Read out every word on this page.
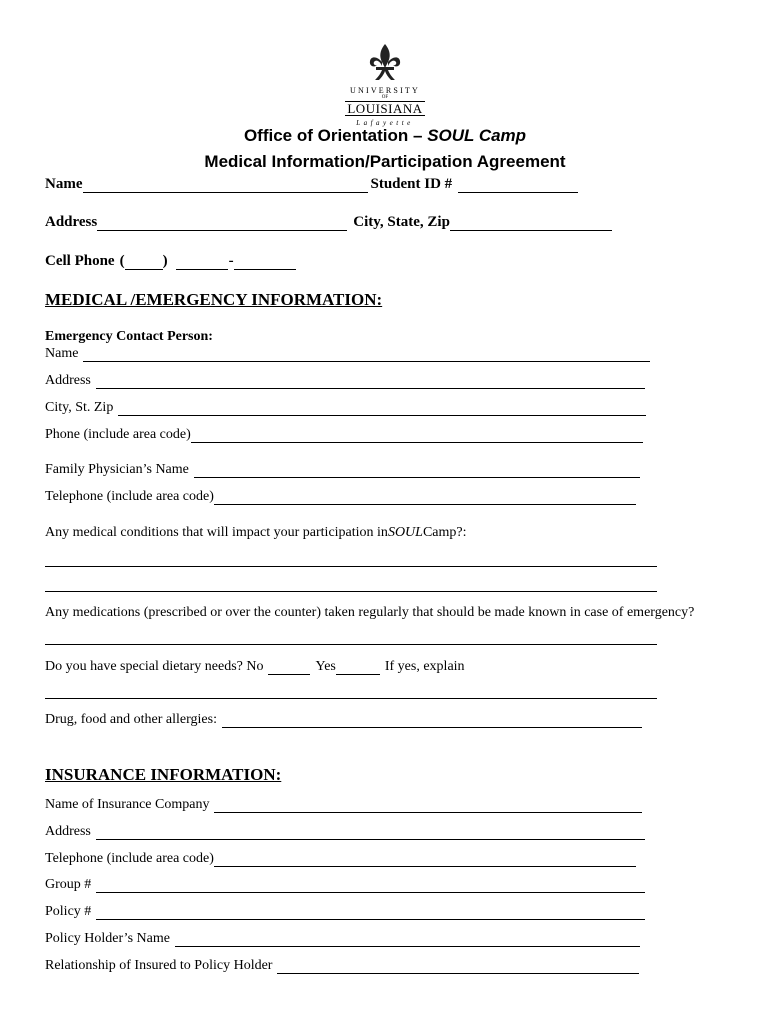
UNIVERSITY
OF
LOUISIANA
Lafayette
Office of Orientation – SOUL Camp
Medical Information/Participation Agreement
Name	Student ID #
Address	City, State, Zip
Cell Phone (	)	-
MEDICAL /EMERGENCY INFORMATION:
Emergency Contact Person:
Name
Address
City, St. Zip
Phone (include area code)
Family Physician’s Name
Telephone (include area code)
Any medical conditions that will impact your participation in SOUL Camp?:
Any medications (prescribed or over the counter) taken regularly that should be made known in case of emergency?
Do you have special dietary needs? No	Yes	If yes, explain
Drug, food and other allergies:
INSURANCE INFORMATION:
Name of Insurance Company
Address
Telephone (include area code)
Group #
Policy #
Policy Holder’s Name
Relationship of Insured to Policy Holder
